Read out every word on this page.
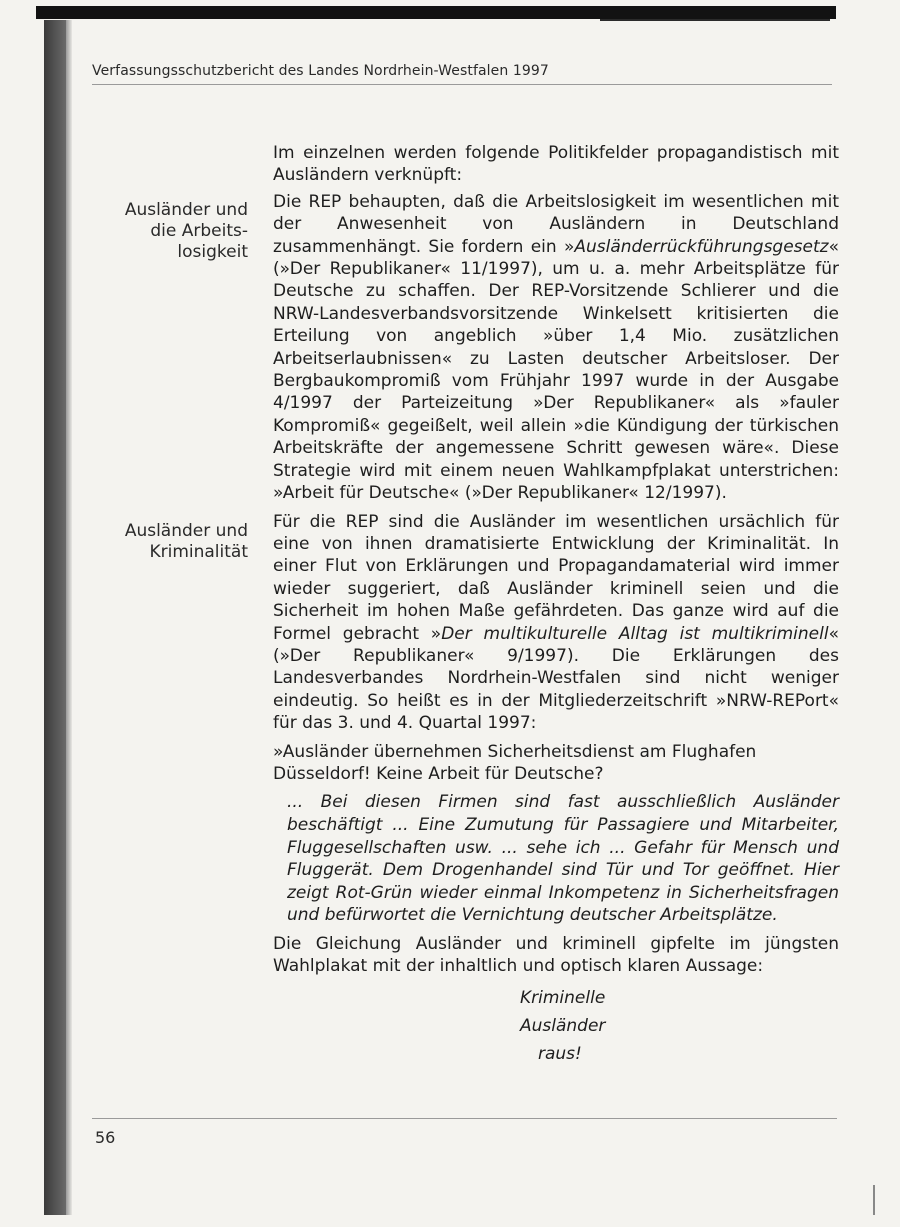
Verfassungsschutzbericht des Landes Nordrhein-Westfalen 1997
Ausländer und
die Arbeits-
losigkeit
Ausländer und
Kriminalität

Im einzelnen werden folgende Politikfelder propagandistisch mit Ausländern verknüpft:

Die REP behaupten, daß die Arbeitslosigkeit im wesentlichen mit der Anwesenheit von Ausländern in Deutschland zusammenhängt. Sie fordern ein »Ausländerrückführungsgesetz« (»Der Republikaner« 11/1997), um u. a. mehr Arbeitsplätze für Deutsche zu schaffen. Der REP-Vorsitzende Schlierer und die NRW-Landesverbandsvorsitzende Winkelsett kritisierten die Erteilung von angeblich »über 1,4 Mio. zusätzlichen Arbeitserlaubnissen« zu Lasten deutscher Arbeitsloser. Der Bergbaukompromiß vom Frühjahr 1997 wurde in der Ausgabe 4/1997 der Parteizeitung »Der Republikaner« als »fauler Kompromiß« gegeißelt, weil allein »die Kündigung der türkischen Arbeitskräfte der angemessene Schritt gewesen wäre«. Diese Strategie wird mit einem neuen Wahlkampfplakat unterstrichen: »Arbeit für Deutsche« (»Der Republikaner« 12/1997).

Für die REP sind die Ausländer im wesentlichen ursächlich für eine von ihnen dramatisierte Entwicklung der Kriminalität. In einer Flut von Erklärungen und Propagandamaterial wird immer wieder suggeriert, daß Ausländer kriminell seien und die Sicherheit im hohen Maße gefährdeten. Das ganze wird auf die Formel gebracht »Der multikulturelle Alltag ist multikriminell« (»Der Republikaner« 9/1997). Die Erklärungen des Landesverbandes Nordrhein-Westfalen sind nicht weniger eindeutig. So heißt es in der Mitgliederzeitschrift »NRW-REPort« für das 3. und 4. Quartal 1997:

»Ausländer übernehmen Sicherheitsdienst am Flughafen Düsseldorf! Keine Arbeit für Deutsche?

... Bei diesen Firmen sind fast ausschließlich Ausländer beschäftigt ... Eine Zumutung für Passagiere und Mitarbeiter, Fluggesellschaften usw. ... sehe ich ... Gefahr für Mensch und Fluggerät. Dem Drogenhandel sind Tür und Tor geöffnet. Hier zeigt Rot-Grün wieder einmal Inkompetenz in Sicherheitsfragen und befürwortet die Vernichtung deutscher Arbeitsplätze.

Die Gleichung Ausländer und kriminell gipfelte im jüngsten Wahlplakat mit der inhaltlich und optisch klaren Aussage:

Kriminelle
Ausländer
raus!
56
